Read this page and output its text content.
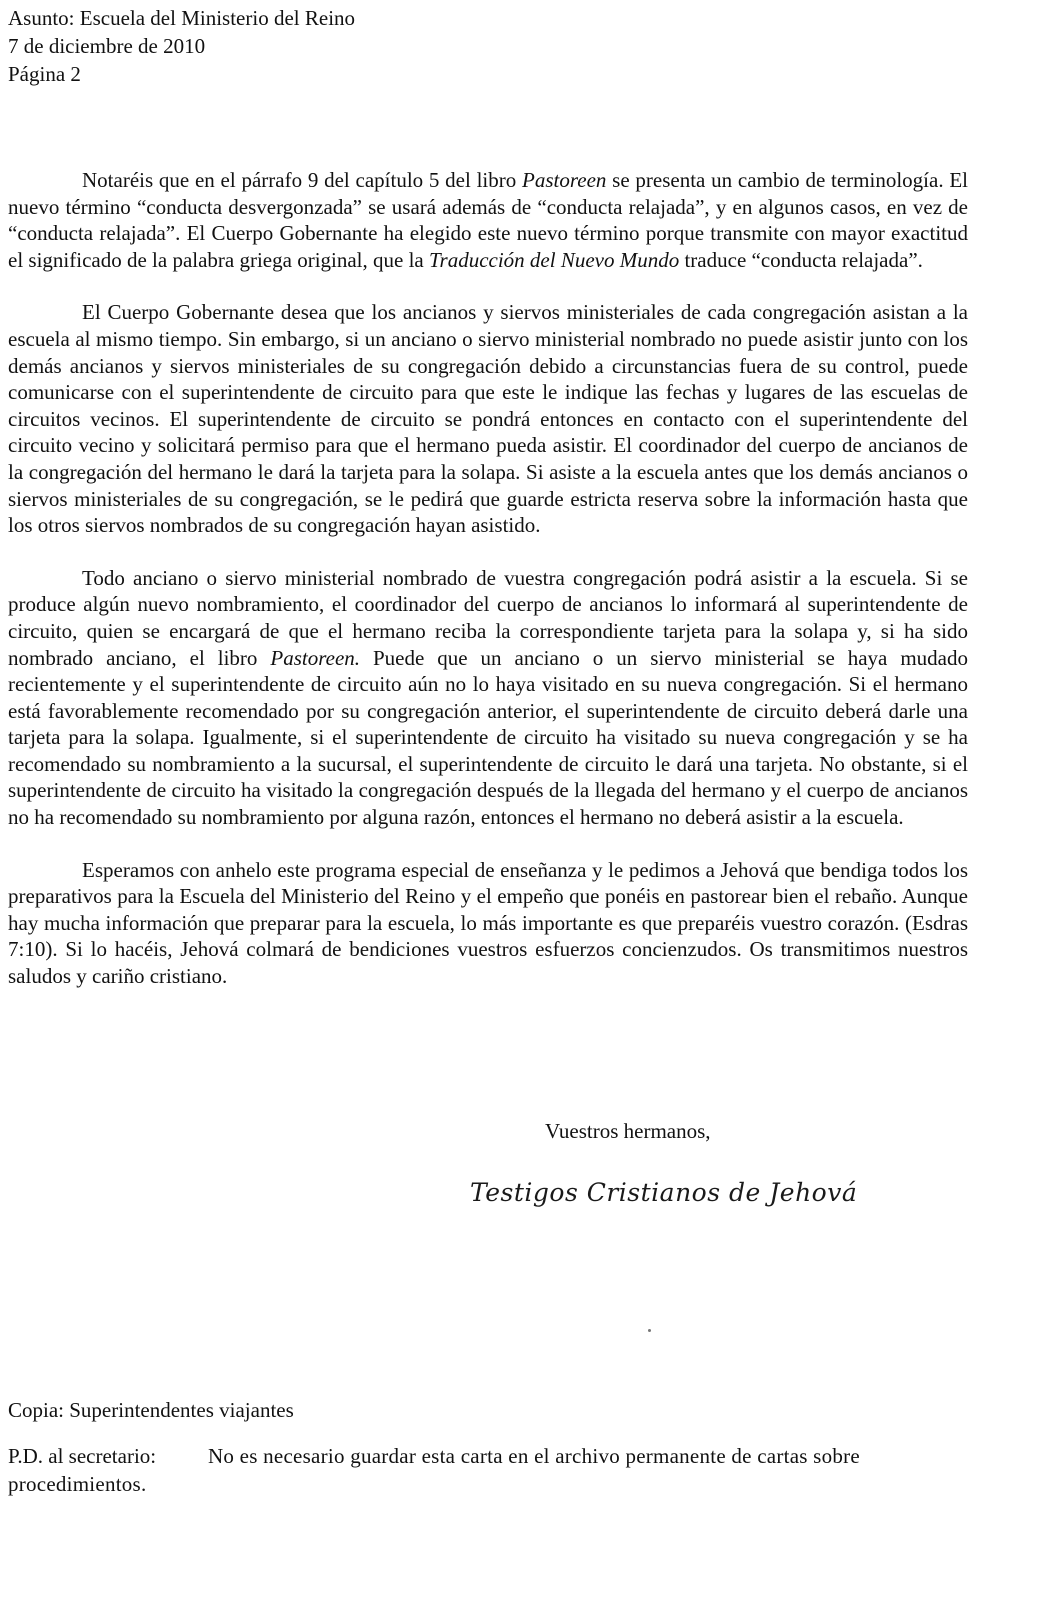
Asunto: Escuela del Ministerio del Reino
7 de diciembre de 2010
Página 2

Notaréis que en el párrafo 9 del capítulo 5 del libro Pastoreen se presenta un cambio de terminología. El nuevo término “conducta desvergonzada” se usará además de “conducta relajada”, y en algunos casos, en vez de “conducta relajada”. El Cuerpo Gobernante ha elegido este nuevo término porque transmite con mayor exactitud el significado de la palabra griega original, que la Traducción del Nuevo Mundo traduce “conducta relajada”.

El Cuerpo Gobernante desea que los ancianos y siervos ministeriales de cada congregación asistan a la escuela al mismo tiempo. Sin embargo, si un anciano o siervo ministerial nombrado no puede asistir junto con los demás ancianos y siervos ministeriales de su congregación debido a circunstancias fuera de su control, puede comunicarse con el superintendente de circuito para que este le indique las fechas y lugares de las escuelas de circuitos vecinos. El superintendente de circuito se pondrá entonces en contacto con el superintendente del circuito vecino y solicitará permiso para que el hermano pueda asistir. El coordinador del cuerpo de ancianos de la congregación del hermano le dará la tarjeta para la solapa. Si asiste a la escuela antes que los demás ancianos o siervos ministeriales de su congregación, se le pedirá que guarde estricta reserva sobre la información hasta que los otros siervos nombrados de su congregación hayan asistido.

Todo anciano o siervo ministerial nombrado de vuestra congregación podrá asistir a la escuela. Si se produce algún nuevo nombramiento, el coordinador del cuerpo de ancianos lo informará al superintendente de circuito, quien se encargará de que el hermano reciba la correspondiente tarjeta para la solapa y, si ha sido nombrado anciano, el libro Pastoreen. Puede que un anciano o un siervo ministerial se haya mudado recientemente y el superintendente de circuito aún no lo haya visitado en su nueva congregación. Si el hermano está favorablemente recomendado por su congregación anterior, el superintendente de circuito deberá darle una tarjeta para la solapa. Igualmente, si el superintendente de circuito ha visitado su nueva congregación y se ha recomendado su nombramiento a la sucursal, el superintendente de circuito le dará una tarjeta. No obstante, si el superintendente de circuito ha visitado la congregación después de la llegada del hermano y el cuerpo de ancianos no ha recomendado su nombramiento por alguna razón, entonces el hermano no deberá asistir a la escuela.

Esperamos con anhelo este programa especial de enseñanza y le pedimos a Jehová que bendiga todos los preparativos para la Escuela del Ministerio del Reino y el empeño que ponéis en pastorear bien el rebaño. Aunque hay mucha información que preparar para la escuela, lo más importante es que preparéis vuestro corazón. (Esdras 7:10). Si lo hacéis, Jehová colmará de bendiciones vuestros esfuerzos concienzudos. Os transmitimos nuestros saludos y cariño cristiano.

Vuestros hermanos,
Testigos Cristianos de Jehová
Copia: Superintendentes viajantes
P.D. al secretario: No es necesario guardar esta carta en el archivo permanente de cartas sobre procedimientos.
